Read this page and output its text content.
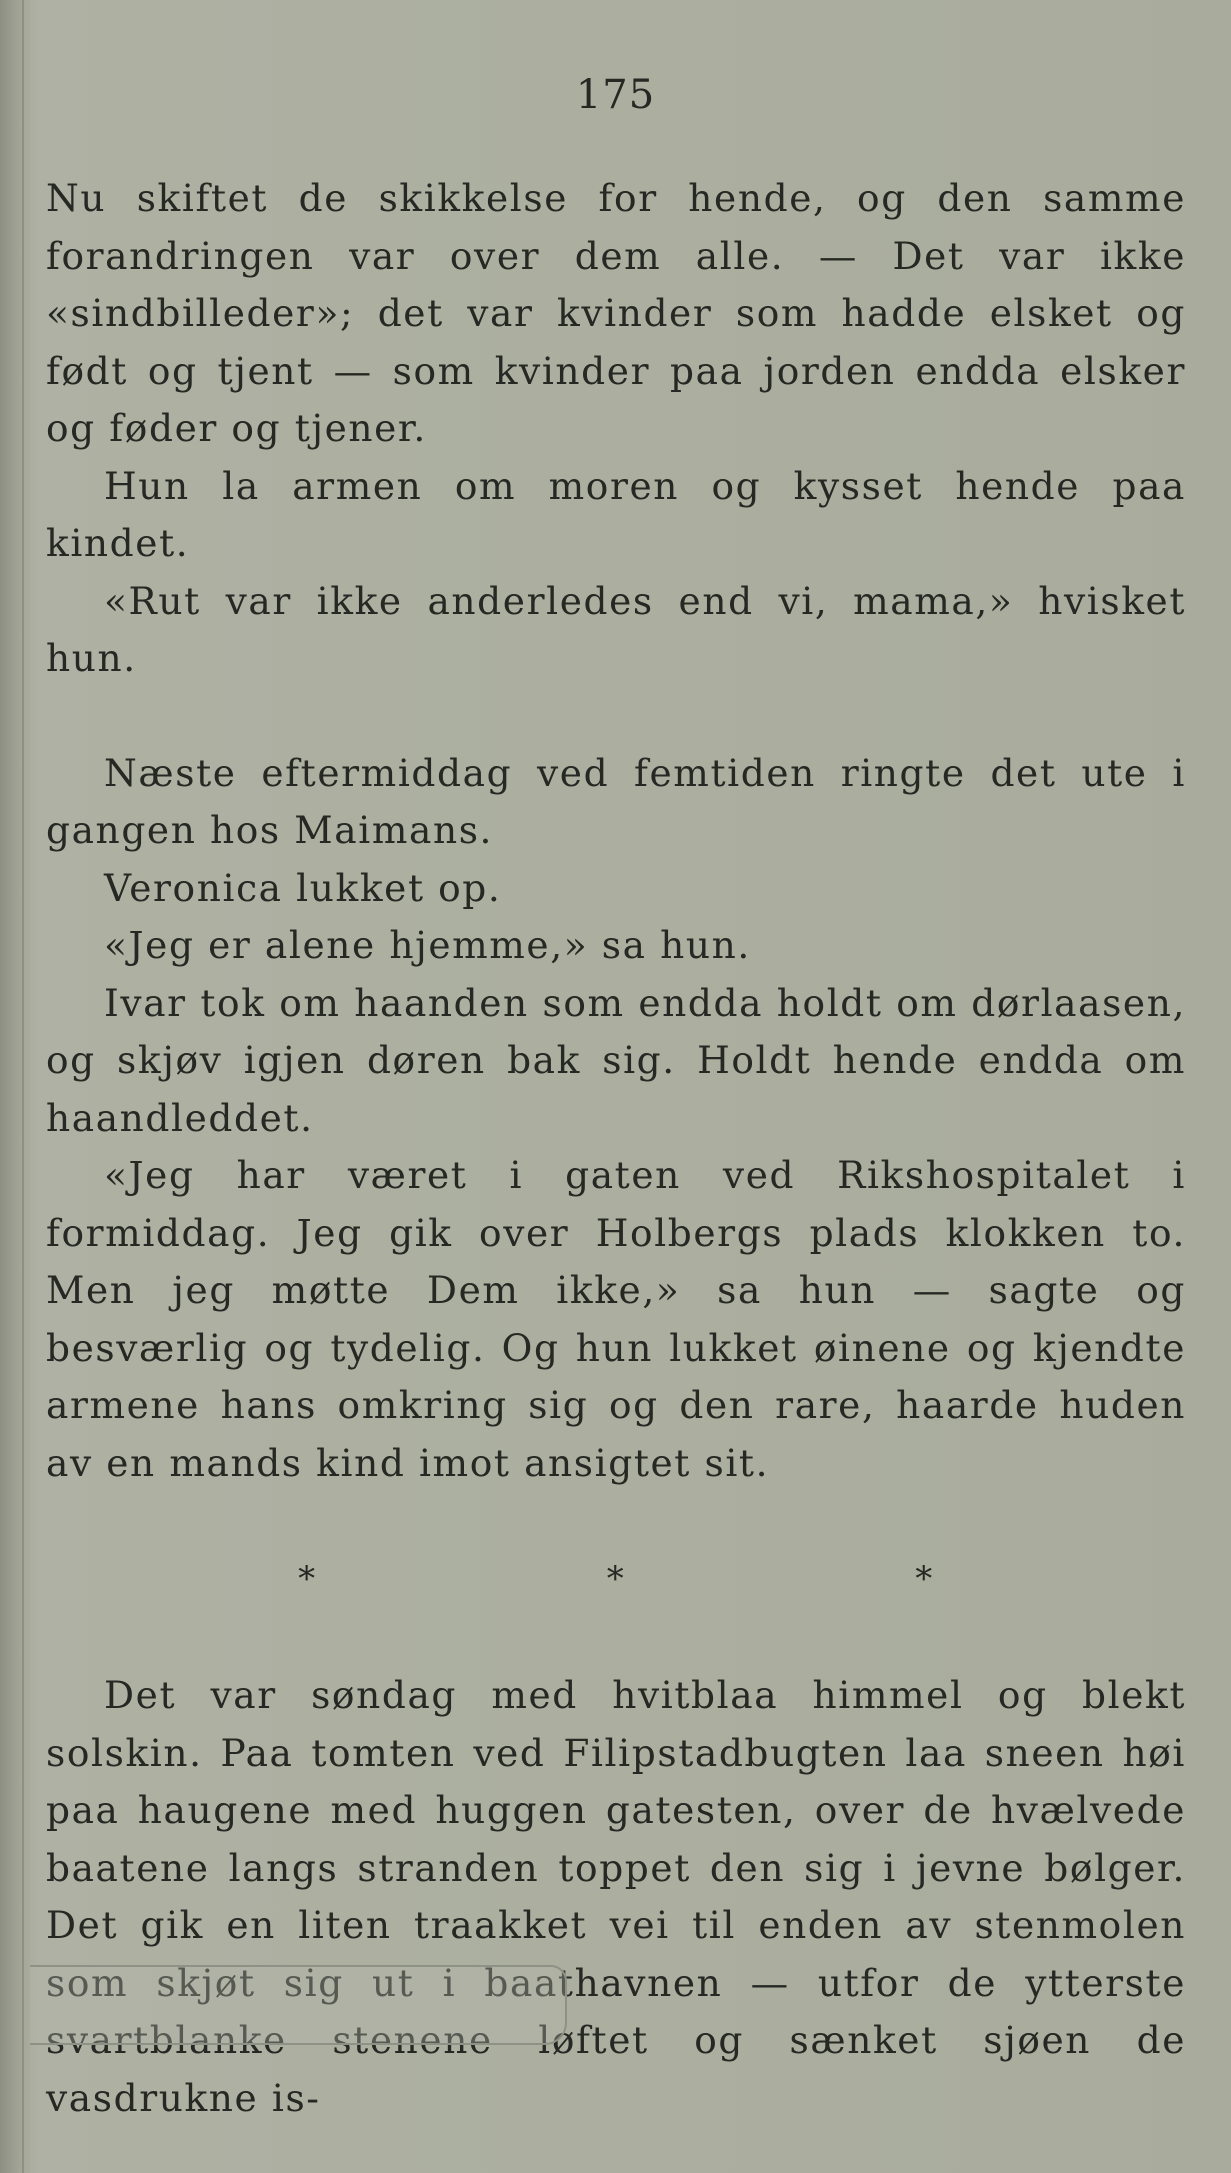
175

Nu skiftet de skikkelse for hende, og den samme forandringen var over dem alle. — Det var ikke «sindbilleder»; det var kvinder som hadde elsket og født og tjent — som kvinder paa jorden endda elsker og føder og tjener.

Hun la armen om moren og kysset hende paa kindet.

«Rut var ikke anderledes end vi, mama,» hvisket hun.

Næste eftermiddag ved femtiden ringte det ute i gangen hos Maimans.

Veronica lukket op.

«Jeg er alene hjemme,» sa hun.

Ivar tok om haanden som endda holdt om dørlaasen, og skjøv igjen døren bak sig. Holdt hende endda om haandleddet.

«Jeg har været i gaten ved Rikshospitalet i formiddag. Jeg gik over Holbergs plads klokken to. Men jeg møtte Dem ikke,» sa hun — sagte og besværlig og tydelig. Og hun lukket øinene og kjendte armene hans omkring sig og den rare, haarde huden av en mands kind imot ansigtet sit.

*	*	*

Det var søndag med hvitblaa himmel og blekt solskin. Paa tomten ved Filipstadbugten laa sneen høi paa haugene med huggen gatesten, over de hvælvede baatene langs stranden toppet den sig i jevne bølger. Det gik en liten traakket vei til enden av stenmolen som skjøt sig ut i baathavnen — utfor de ytterste svartblanke stenene løftet og sænket sjøen de vasdrukne is-
